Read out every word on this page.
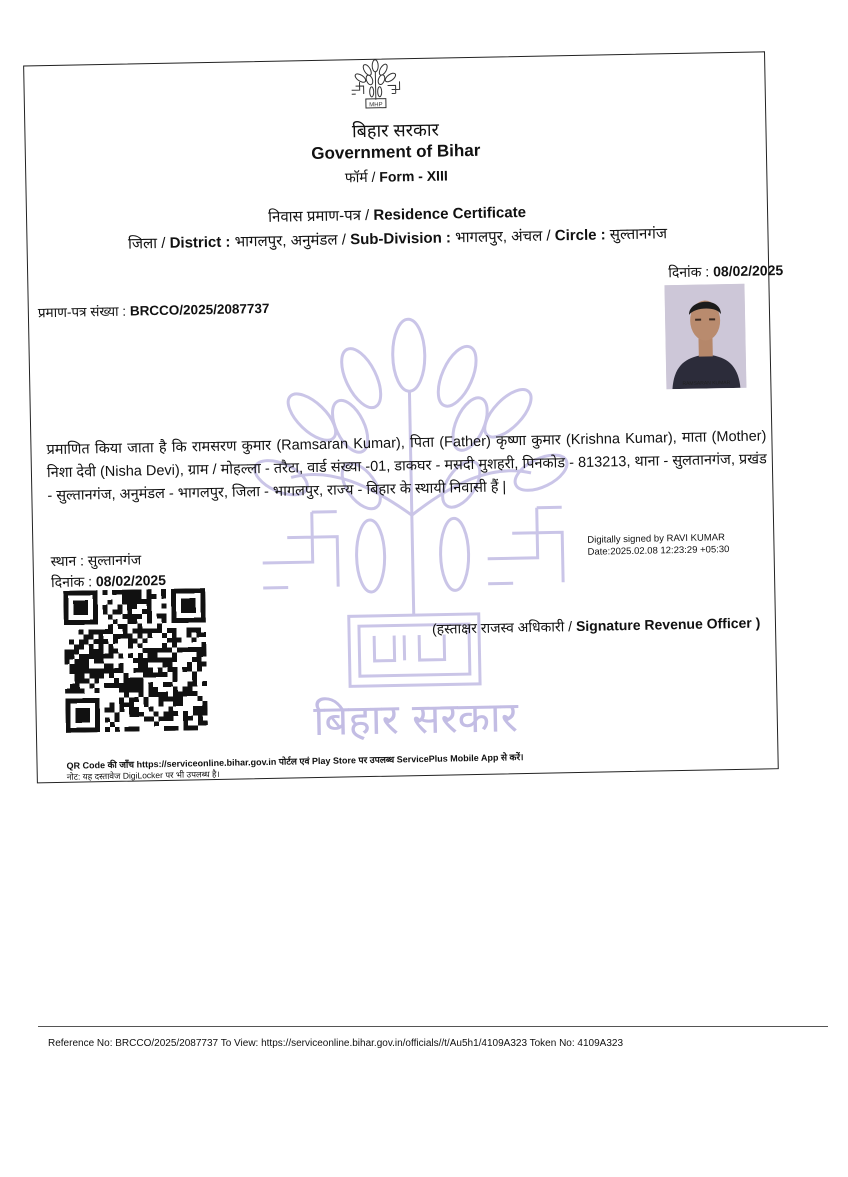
MHP
बिहार सरकार
Government of Bihar
फॉर्म / Form - XIII
निवास प्रमाण-पत्र / Residence Certificate
जिला / District : भागलपुर, अनुमंडल / Sub-Division : भागलपुर, अंचल / Circle : सुल्तानगंज
दिनांक : 08/02/2025
प्रमाण-पत्र संख्या : BRCCO/2025/2087737
बिहार सरकार
RAMSARAN KUMAR
प्रमाणित किया जाता है कि रामसरण कुमार (Ramsaran Kumar), पिता (Father) कृष्णा कुमार (Krishna Kumar), माता (Mother) निशा देवी (Nisha Devi), ग्राम / मोहल्ला - तरैटा, वार्ड संख्या -01, डाकघर - मसदी मुशहरी, पिनकोड - 813213, थाना - सुलतानगंज, प्रखंड - सुल्तानगंज, अनुमंडल - भागलपुर, जिला - भागलपुर, राज्य - बिहार के स्थायी निवासी हैं |
स्थान : सुल्तानगंज
दिनांक : 08/02/2025
Digitally signed by RAVI KUMAR
Date:2025.02.08 12:23:29 +05:30
(हस्ताक्षर राजस्व अधिकारी / Signature Revenue Officer )
QR Code की जाँच https://serviceonline.bihar.gov.in पोर्टल एवं Play Store पर उपलब्ध ServicePlus Mobile App से करें।
नोट: यह दस्तावेज DigiLocker पर भी उपलब्ध है।
Reference No: BRCCO/2025/2087737 To View: https://serviceonline.bihar.gov.in/officials//t/Au5h1/4109A323 Token No: 4109A323
